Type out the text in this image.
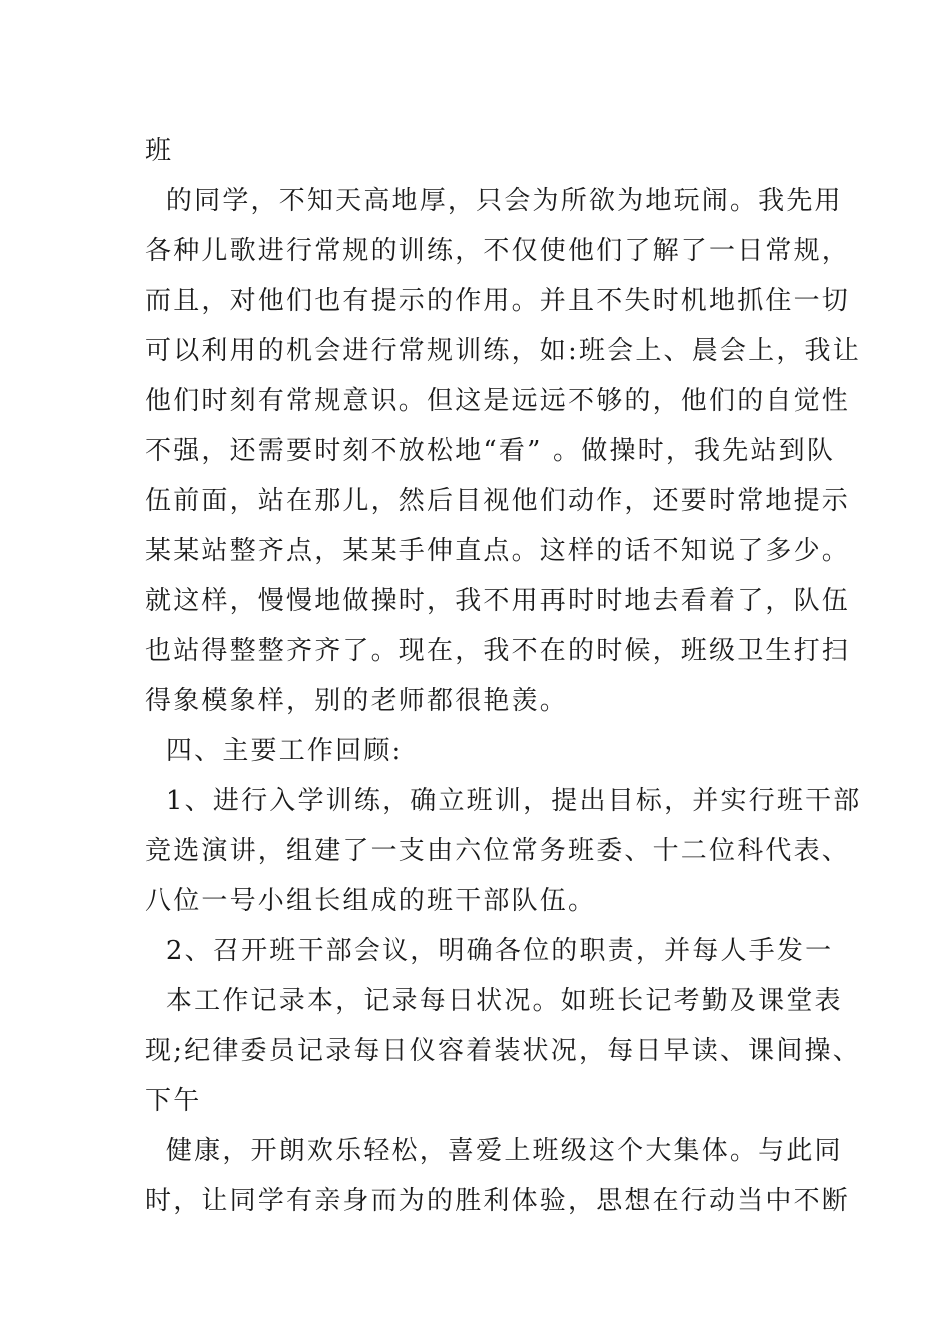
班
的同学，不知天高地厚，只会为所欲为地玩闹。我先用
各种儿歌进行常规的训练，不仅使他们了解了一日常规，
而且，对他们也有提示的作用。并且不失时机地抓住一切
可以利用的机会进行常规训练，如:班会上、晨会上，我让
他们时刻有常规意识。但这是远远不够的，他们的自觉性
不强，还需要时刻不放松地“看” 。做操时，我先站到队
伍前面，站在那儿，然后目视他们动作，还要时常地提示
某某站整齐点，某某手伸直点。这样的话不知说了多少。
就这样，慢慢地做操时，我不用再时时地去看着了，队伍
也站得整整齐齐了。现在，我不在的时候，班级卫生打扫
得象模象样，别的老师都很艳羡。
四、主要工作回顾:
1、进行入学训练，确立班训，提出目标，并实行班干部
竞选演讲，组建了一支由六位常务班委、十二位科代表、
八位一号小组长组成的班干部队伍。
2、召开班干部会议，明确各位的职责，并每人手发一
本工作记录本，记录每日状况。如班长记考勤及课堂表
现;纪律委员记录每日仪容着装状况，每日早读、课间操、
下午
健康，开朗欢乐轻松，喜爱上班级这个大集体。与此同
时，让同学有亲身而为的胜利体验，思想在行动当中不断
